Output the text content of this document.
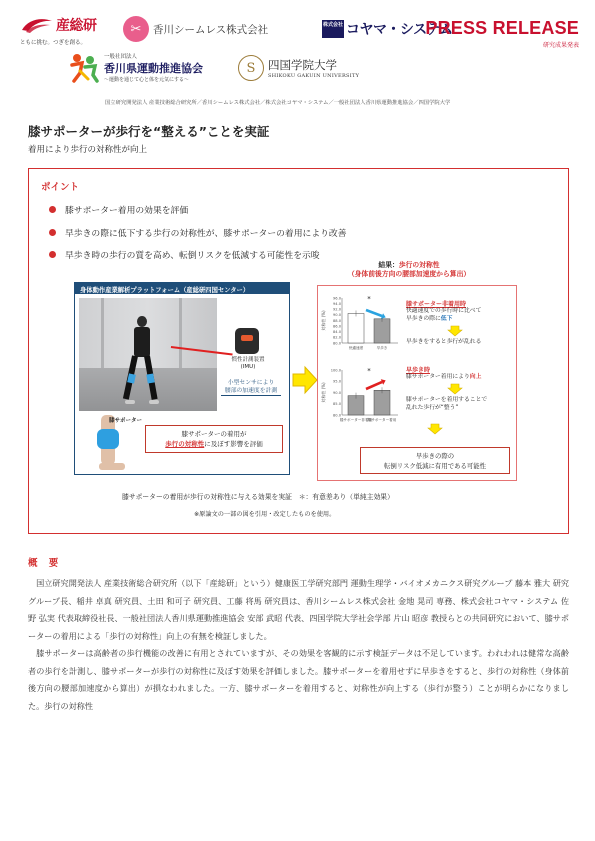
産総研
ともに挑む。つぎを創る。
✂	香川シームレス株式会社	株式会社 コヤマ・システム
PRESS RELEASE
研究成果発表
一般社団法人
香川県運動推進協会
〜運動を通じて心と体を元気にする〜
S	四国学院大学
SHIKOKU GAKUIN UNIVERSITY
国立研究開発法人 産業技術総合研究所／香川シームレス株式会社／株式会社コヤマ・システム／一般社団法人香川県運動推進協会／四国学院大学
膝サポーターが歩行を“整える”ことを実証
着用により歩行の対称性が向上
ポイント
膝サポーター着用の効果を評価
早歩きの際に低下する歩行の対称性が、膝サポーターの着用により改善
早歩き時の歩行の質を高め、転倒リスクを低減する可能性を示唆
身体動作産業解析プラットフォーム（産総研四国センター）
慣性計測装置
(IMU)
小型センサにより
腰部の加速度を計測
膝サポーター
膝サポーターの着用が
歩行の対称性に及ぼす影響を評価
結果：歩行の対称性
（身体前後方向の腰部加速度から算出）
対称性 (%)
96.0
94.0
92.0
90.0
88.0
86.0
84.0
82.0
80.0
快適速度	早歩き
*
対称性 (%)
100.0
95.0
90.0
85.0
80.0
膝サポーター非着用
膝サポーター着用
*
膝サポーター非着用時
快適速度での歩行時に比べて
早歩きの際に低下
早歩きをすると歩行が乱れる
早歩き時
膝サポーター着用により向上
膝サポーターを着用することで
乱れた歩行が“整う”
早歩きの際の
転倒リスク低減に有用である可能性
膝サポーターの着用が歩行の対称性に与える効果を実証　＊：有意差あり（単純主効果）
※原論文の一部の図を引用・改定したものを使用。
概 要

国立研究開発法人 産業技術総合研究所（以下「産総研」という）健康医工学研究部門 運動生理学・バイオメカニクス研究グループ 藤本 雅大 研究グループ長、稲井 卓真 研究員、土田 和可子 研究員、工藤 将馬 研究員は、香川シームレス株式会社 金地 晃司 専務、株式会社コヤマ・システム 佐野 弘実 代表取締役社長、一般社団法人香川県運動推進協会 安部 武昭 代表、四国学院大学社会学部 片山 昭彦 教授らとの共同研究において、膝サポーターの着用による「歩行の対称性」向上の有無を検証しました。

膝サポーターは高齢者の歩行機能の改善に有用とされていますが、その効果を客観的に示す検証データは不足しています。われわれは健常な高齢者の歩行を計測し、膝サポーターが歩行の対称性に及ぼす効果を評価しました。膝サポーターを着用せずに早歩きをすると、歩行の対称性（身体前後方向の腰部加速度から算出）が損なわれました。一方、膝サポーターを着用すると、対称性が向上する（歩行が整う）ことが明らかになりました。歩行の対称性
